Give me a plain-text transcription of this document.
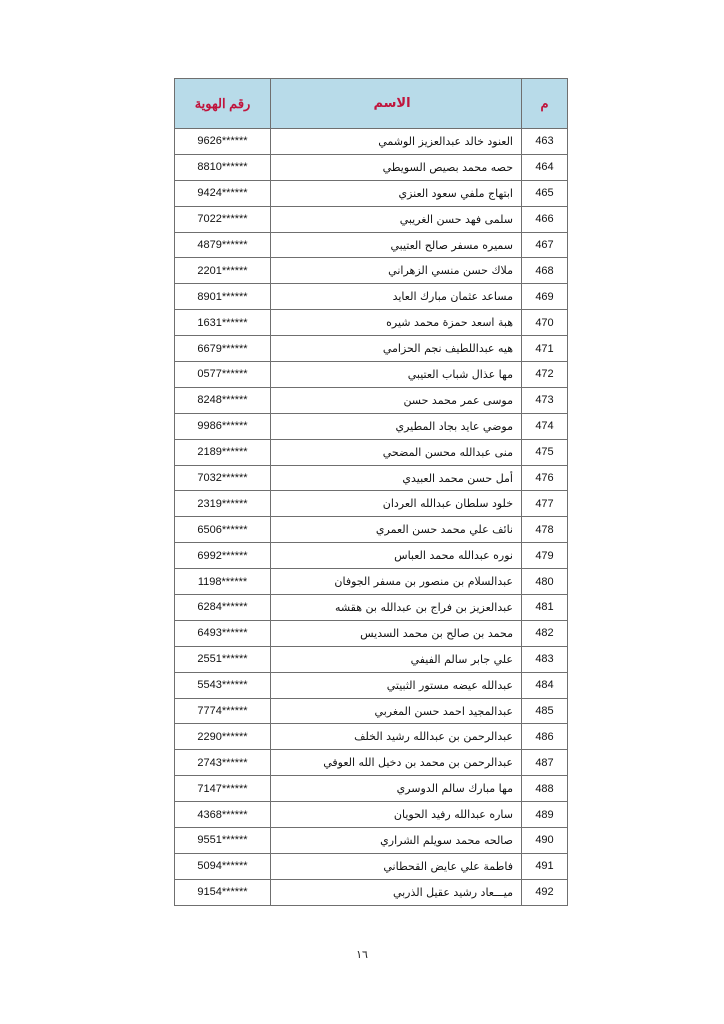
م	الاسم	رقم الهوية
463	العنود خالد عبدالعزيز الوشمي	******9626
464	حصه محمد بصيص السويطي	******8810
465	ابتهاج ملفي سعود العنزي	******9424
466	سلمى فهد حسن الغريبي	******7022
467	سميره مسفر صالح العتيبي	******4879
468	ملاك حسن منسي الزهراني	******2201
469	مساعد عثمان مبارك العايد	******8901
470	هبة اسعد حمزة محمد شيره	******1631
471	هيه عبداللطيف نجم الحزامي	******6679
472	مها عذال شباب العتيبي	******0577
473	موسى عمر محمد حسن	******8248
474	موضي عايد بجاد المطيري	******9986
475	منى عبدالله محسن المضحي	******2189
476	أمل حسن محمد العبيدي	******7032
477	خلود سلطان عبدالله العردان	******2319
478	نائف علي محمد حسن العمري	******6506
479	نوره عبدالله محمد العباس	******6992
480	عبدالسلام بن منصور بن مسفر الجوفان	******1198
481	عبدالعزيز بن فراج بن عبدالله بن هقشه	******6284
482	محمد بن صالح بن محمد السديس	******6493
483	علي جابر سالم الفيفي	******2551
484	عبدالله عيضه مستور الثبيتي	******5543
485	عبدالمجيد احمد حسن المغربي	******7774
486	عبدالرحمن بن عبدالله رشيد الخلف	******2290
487	عبدالرحمن بن محمد بن دخيل الله العوفي	******2743
488	مها مبارك سالم الدوسري	******7147
489	ساره عبدالله رفيد الحويان	******4368
490	صالحه محمد سويلم الشراري	******9551
491	فاطمة علي عايض القحطاني	******5094
492	ميـــعاد رشيد عقيل الذربي	******9154
١٦
